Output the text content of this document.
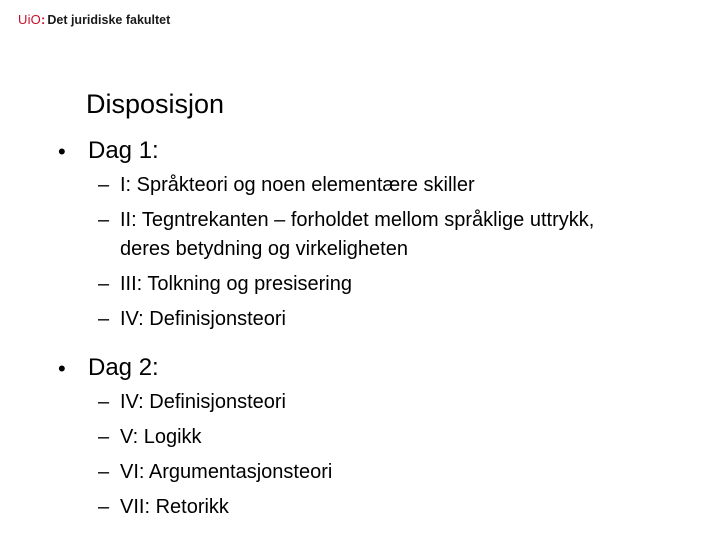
UiO : Det juridiske fakultet
Disposisjon
• Dag 1:
– I: Språkteori og noen elementære skiller
– II: Tegntrekanten – forholdet mellom språklige uttrykk, deres betydning og virkeligheten
– III: Tolkning og presisering
– IV: Definisjonsteori
• Dag 2:
– IV: Definisjonsteori
– V: Logikk
– VI: Argumentasjonsteori
– VII: Retorikk
